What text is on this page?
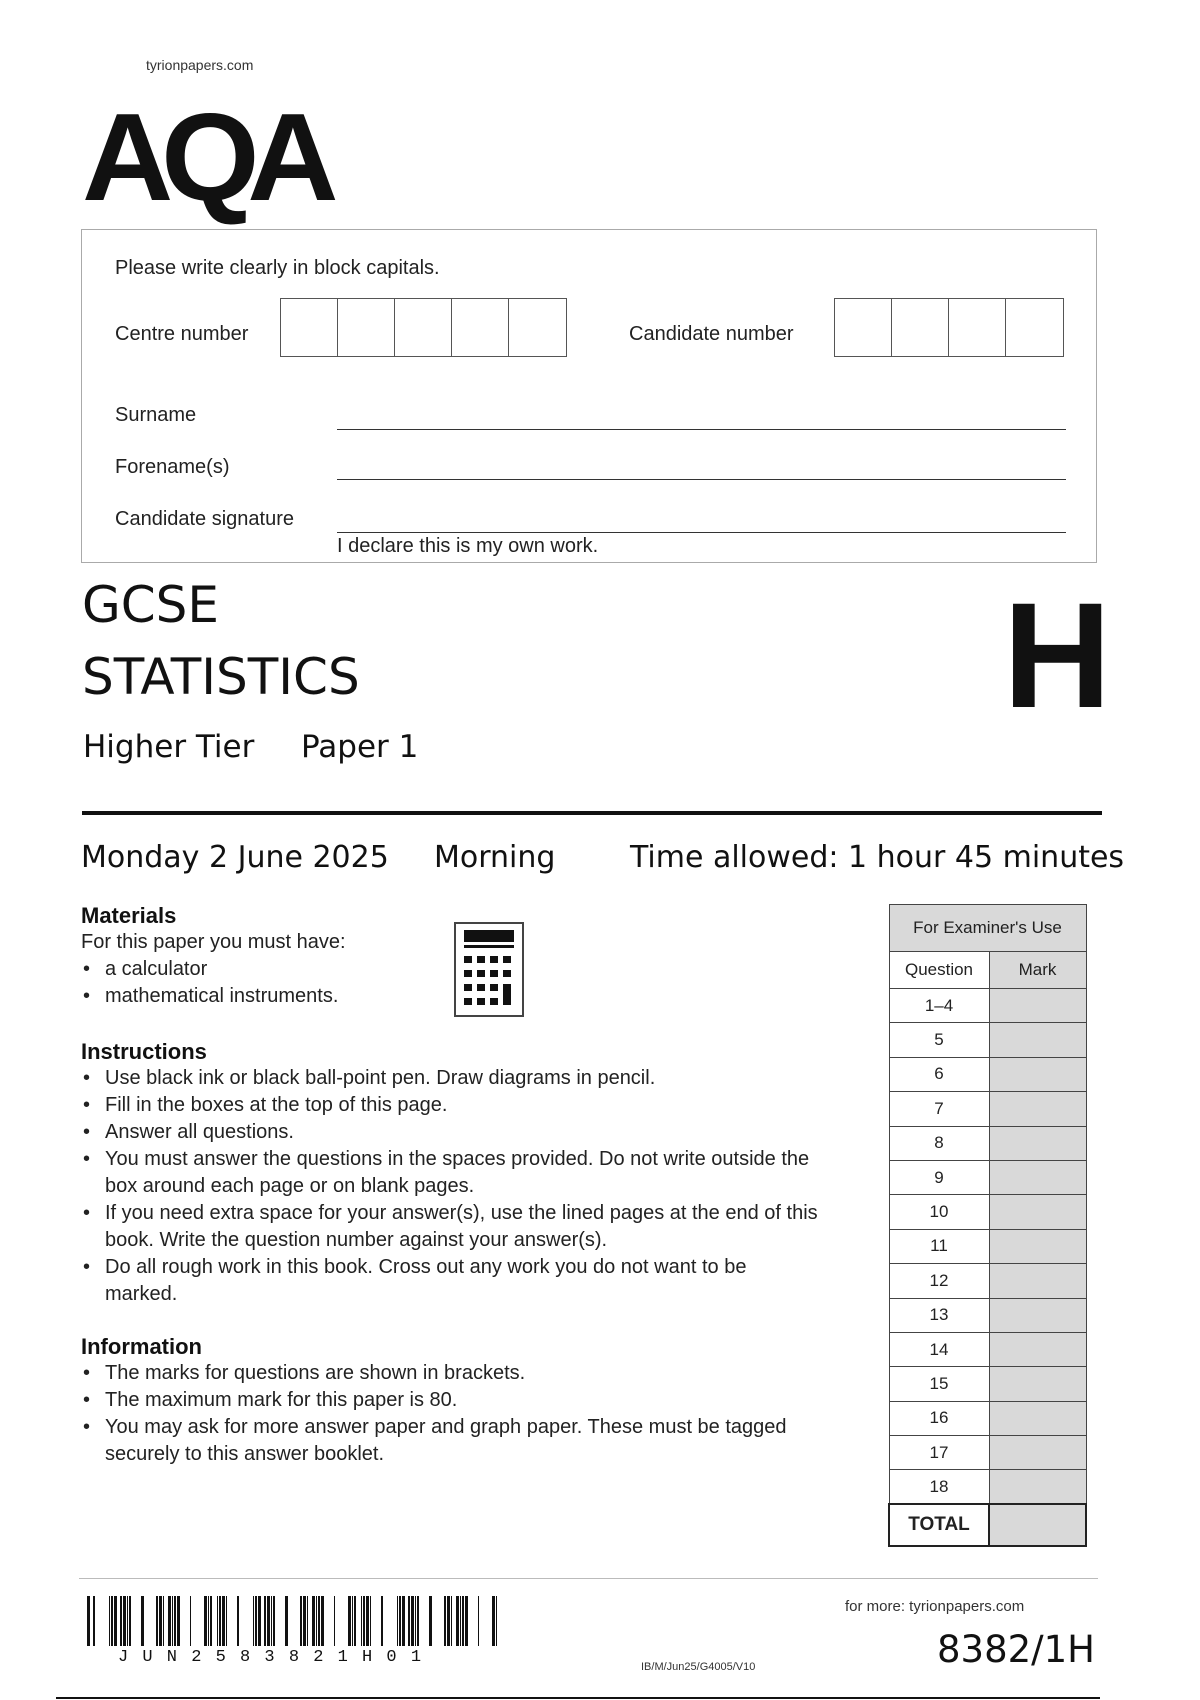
tyrionpapers.com
AQA
Please write clearly in block capitals.
Centre number	Candidate number
Surname
Forename(s)
Candidate signature
I declare this is my own work.
GCSE
STATISTICS
Higher Tier Paper 1
H
Monday 2 June 2025 Morning Time allowed: 1 hour 45 minutes
Materials
For this paper you must have:
• a calculator
• mathematical instruments.
Instructions
• Use black ink or black ball-point pen. Draw diagrams in pencil.
• Fill in the boxes at the top of this page.
• Answer all questions.
• You must answer the questions in the spaces provided. Do not write outside the box around each page or on blank pages.
• If you need extra space for your answer(s), use the lined pages at the end of this book. Write the question number against your answer(s).
• Do all rough work in this book. Cross out any work you do not want to be marked.
Information
• The marks for questions are shown in brackets.
• The maximum mark for this paper is 80.
• You may ask for more answer paper and graph paper. These must be tagged securely to this answer booklet.
For Examiner's Use	
Question	Mark
1–4	
5	
6	
7	
8	
9	
10	
11	
12	
13	
14	
15	
16	
17	
18	
TOTAL	
J U N 2 5 8 3 8 2 1 H 0 1	IB/M/Jun25/G4005/V10
for more: tyrionpapers.com
8382/1H
